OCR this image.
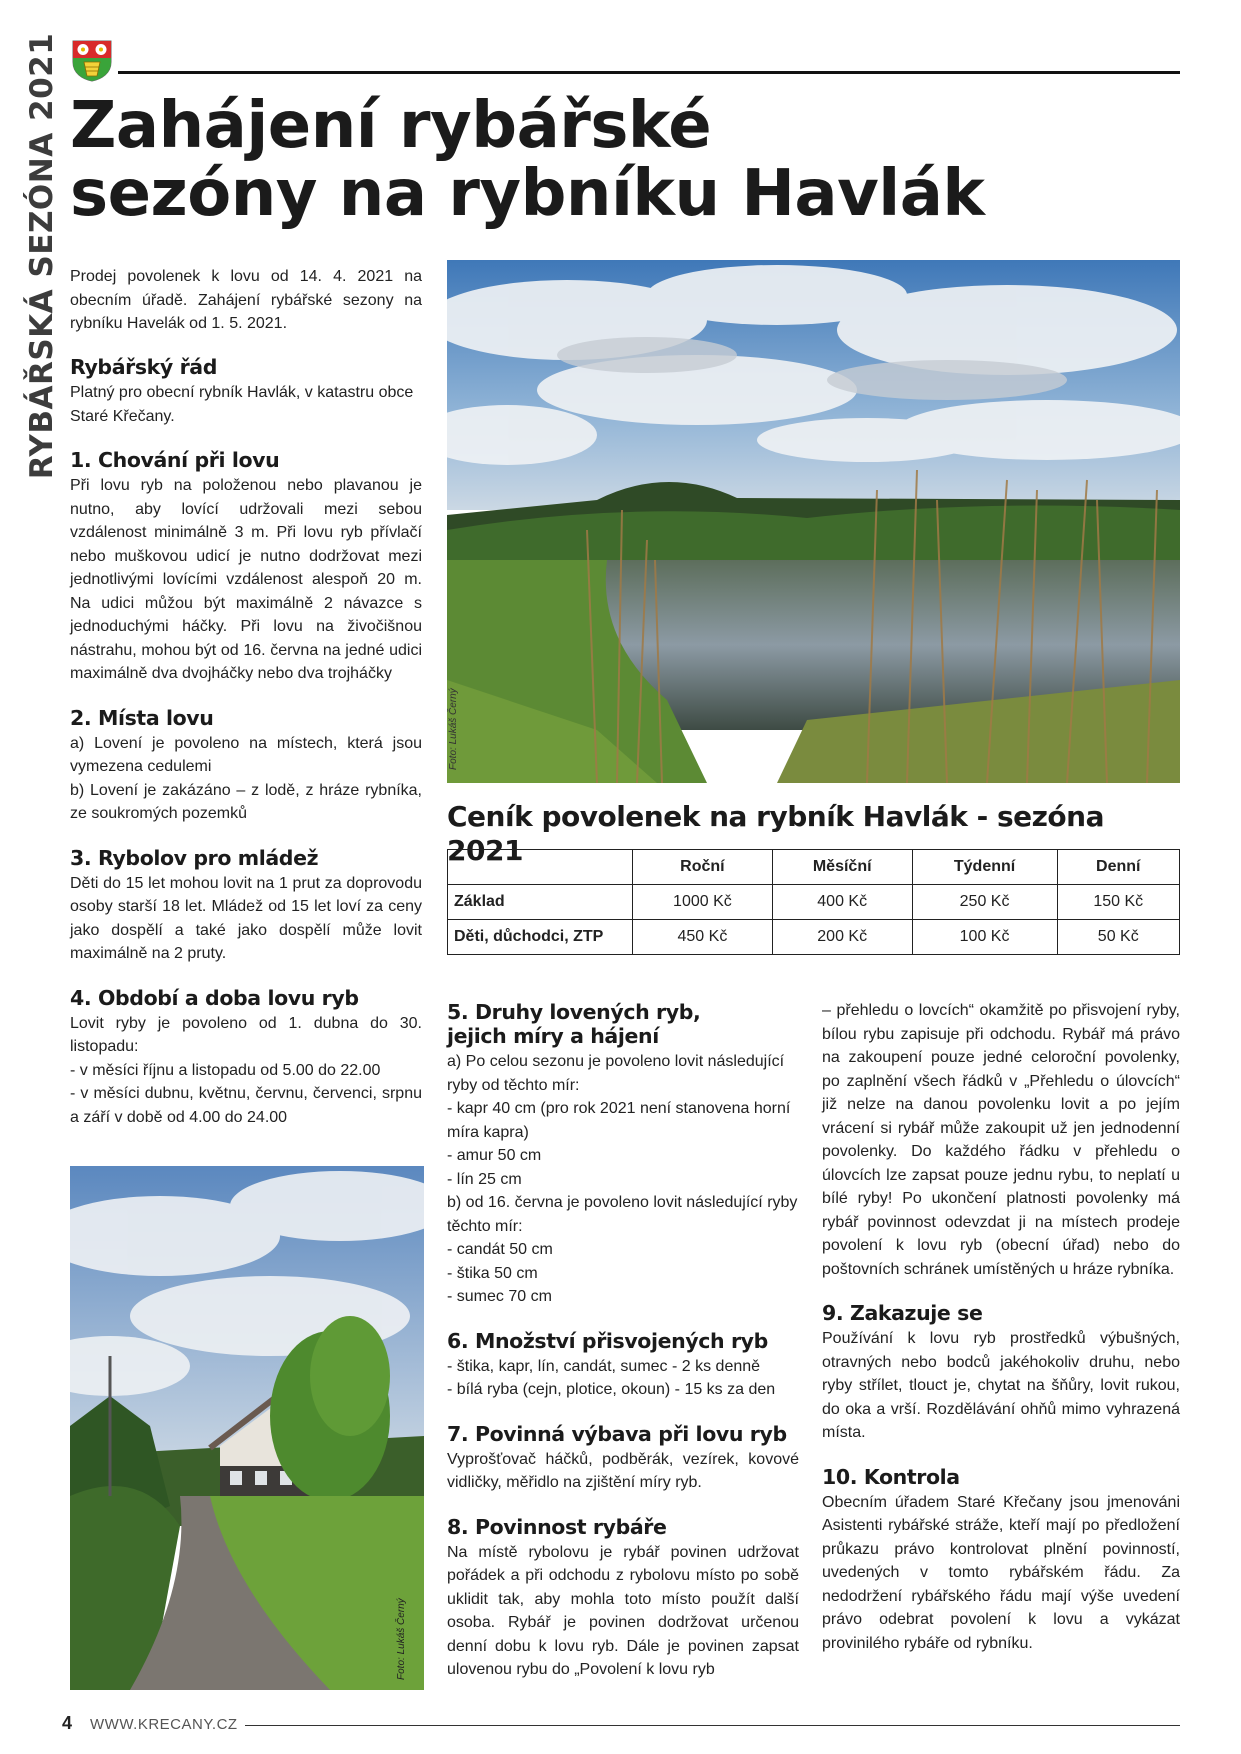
RYBÁŘSKÁ SEZÓNA 2021 Zahájení rybářské
sezóny na rybníku Havlák

Prodej povolenek k lovu od 14. 4. 2021 na obecním úřadě. Zahájení rybářské sezony na rybníku Havelák od 1. 5. 2021.

Rybářský řád

Platný pro obecní rybník Havlák, v katastru obce Staré Křečany.

1. Chování při lovu

Při lovu ryb na položenou nebo plavanou je nutno, aby lovící udržovali mezi sebou vzdálenost minimálně 3 m. Při lovu ryb přívlačí nebo muškovou udicí je nutno dodržovat mezi jednotlivými lovícími vzdálenost alespoň 20 m. Na udici můžou být maximálně 2 návazce s jednoduchými háčky. Při lovu na živočišnou nástrahu, mohou být od 16. června na jedné udici maximálně dva dvojháčky nebo dva trojháčky

2. Místa lovu

a) Lovení je povoleno na místech, která jsou vymezena cedulemi
b) Lovení je zakázáno – z lodě, z hráze rybníka, ze soukromých pozemků

3. Rybolov pro mládež

Děti do 15 let mohou lovit na 1 prut za doprovodu osoby starší 18 let. Mládež od 15 let loví za ceny jako dospělí a také jako dospělí může lovit maximálně na 2 pruty.

4. Období a doba lovu ryb

Lovit ryby je povoleno od 1. dubna do 30. listopadu:
- v měsíci říjnu a listopadu od 5.00 do 22.00
- v měsíci dubnu, květnu, červnu, červenci, srpnu a září v době od 4.00 do 24.00

Foto: Lukáš Černý
Ceník povolenek na rybník Havlák - sezóna 2021
		Roční	Měsíční	Týdenní	Denní
Základ	1000 Kč	400 Kč	250 Kč	150 Kč
Děti, důchodci, ZTP	450 Kč	200 Kč	100 Kč	50 Kč
Foto: Lukáš Černý
5. Druhy lovených ryb,
jejich míry a hájení

a) Po celou sezonu je povoleno lovit následující ryby od těchto mír:
- kapr 40 cm (pro rok 2021 není stanovena horní míra kapra)
- amur 50 cm
- lín 25 cm
b) od 16. června je povoleno lovit následující ryby těchto mír:
- candát 50 cm
- štika 50 cm
- sumec 70 cm

6. Množství přisvojených ryb

- štika, kapr, lín, candát, sumec - 2 ks denně
- bílá ryba (cejn, plotice, okoun) - 15 ks za den

7. Povinná výbava při lovu ryb

Vyprošťovač háčků, podběrák, vezírek, kovové vidličky, měřidlo na zjištění míry ryb.

8. Povinnost rybáře

Na místě rybolovu je rybář povinen udržovat pořádek a při odchodu z rybolovu místo po sobě uklidit tak, aby mohla toto místo použít další osoba. Rybář je povinen dodržovat určenou denní dobu k lovu ryb. Dále je povinen zapsat ulovenou rybu do „Povolení k lovu ryb

– přehledu o lovcích“ okamžitě po přisvojení ryby, bílou rybu zapisuje při odchodu. Rybář má právo na zakoupení pouze jedné celoroční povolenky, po zaplnění všech řádků v „Přehledu o úlovcích“ již nelze na danou povolenku lovit a po jejím vrácení si rybář může zakoupit už jen jednodenní povolenky. Do každého řádku v přehledu o úlovcích lze zapsat pouze jednu rybu, to neplatí u bílé ryby! Po ukončení platnosti povolenky má rybář povinnost odevzdat ji na místech prodeje povolení k lovu ryb (obecní úřad) nebo do poštovních schránek umístěných u hráze rybníka.

9. Zakazuje se

Používání k lovu ryb prostředků výbušných, otravných nebo bodců jakéhokoliv druhu, nebo ryby střílet, tlouct je, chytat na šňůry, lovit rukou, do oka a vrší. Rozdělávání ohňů mimo vyhrazená místa.

10. Kontrola

Obecním úřadem Staré Křečany jsou jmenováni Asistenti rybářské stráže, kteří mají po předložení průkazu právo kontrolovat plnění povinností, uvedených v tomto rybářském řádu. Za nedodržení rybářského řádu mají výše uvedení právo odebrat povolení k lovu a vykázat provinilého rybáře od rybníku.

4 WWW.KRECANY.CZ
